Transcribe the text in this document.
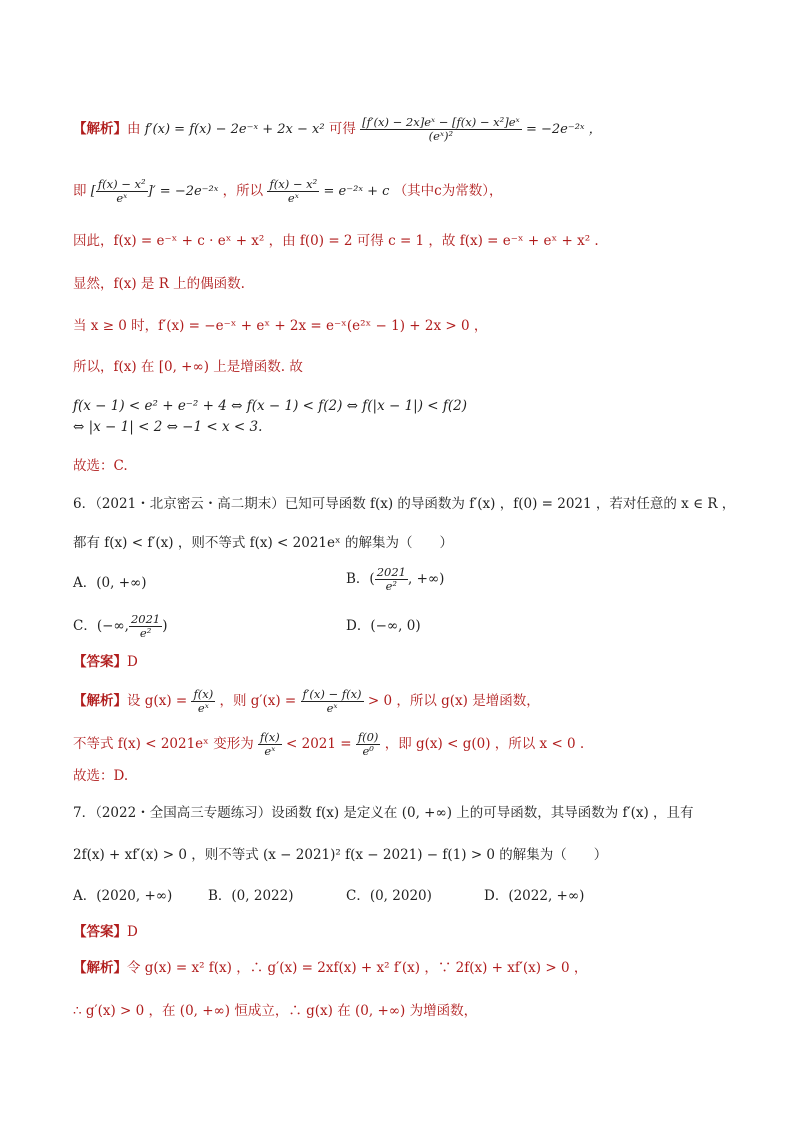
【解析】由 f′(x) = f(x) − 2e⁻ˣ + 2x − x² 可得 $\frac{\text{[f′(x) − 2x]eˣ − [f(x) − x²]eˣ}}{\text{(eˣ)²}}$ = −2e⁻²ˣ ，
即 [ $\frac{\text{f(x) − x²}}{\text{eˣ}}$ ]′ = −2e⁻²ˣ ，所以 $\frac{\text{f(x) − x²}}{\text{eˣ}}$ = e⁻²ˣ + c （其中c为常数），
因此，f(x) = e⁻ˣ + c · eˣ + x² ，由 f(0) = 2 可得 c = 1 ，故 f(x) = e⁻ˣ + eˣ + x² .
显然，f(x) 是 R 上的偶函数.
当 x ≥ 0 时，f′(x) = −e⁻ˣ + eˣ + 2x = e⁻ˣ(e²ˣ − 1) + 2x > 0 ，
所以，f(x) 在 [0, +∞) 上是增函数. 故
f(x − 1) < e² + e⁻² + 4 ⇔ f(x − 1) < f(2) ⇔ f(|x − 1|) < f(2)
⇔ |x − 1| < 2 ⇔ −1 < x < 3.
故选：C.
6．（2021・北京密云・高二期末）已知可导函数 f(x) 的导函数为 f′(x) ，f(0) = 2021 ，若对任意的 x ∈ R ，
都有 f(x) < f′(x) ，则不等式 f(x) < 2021eˣ 的解集为（　　）
A．(0, +∞)	B．( $\frac{2021}{\text{e²}}$ , +∞)
C．(−∞, $\frac{2021}{\text{e²}}$ )	D．(−∞, 0)
【答案】D
【解析】设 $g(x) = \frac{f(x)}{\text{eˣ}}$ ，则 $g'(x) = \frac{f'(x) - f(x)}{\text{eˣ}} > 0$ ，所以 g(x) 是增函数，
不等式 f(x) < 2021eˣ 变形为 $\frac{f(x)}{\text{eˣ}} < 2021 = \frac{f(0)}{\text{e⁰}}$ ，即 g(x) < g(0) ，所以 x < 0 .
故选：D.
7．（2022・全国高三专题练习）设函数 f(x) 是定义在 (0, +∞) 上的可导函数，其导函数为 f′(x) ，且有
2f(x) + xf′(x) > 0 ，则不等式 (x − 2021)² f(x − 2021) − f(1) > 0 的解集为（　　）
A．(2020, +∞)	B．(0, 2022)	C．(0, 2020)	D．(2022, +∞)
【答案】D
【解析】令 g(x) = x² f(x) ，∴ g′(x) = 2xf(x) + x² f′(x) ，∵ 2f(x) + xf′(x) > 0 ，
∴ g′(x) > 0 ，在 (0, +∞) 恒成立，∴ g(x) 在 (0, +∞) 为增函数，
